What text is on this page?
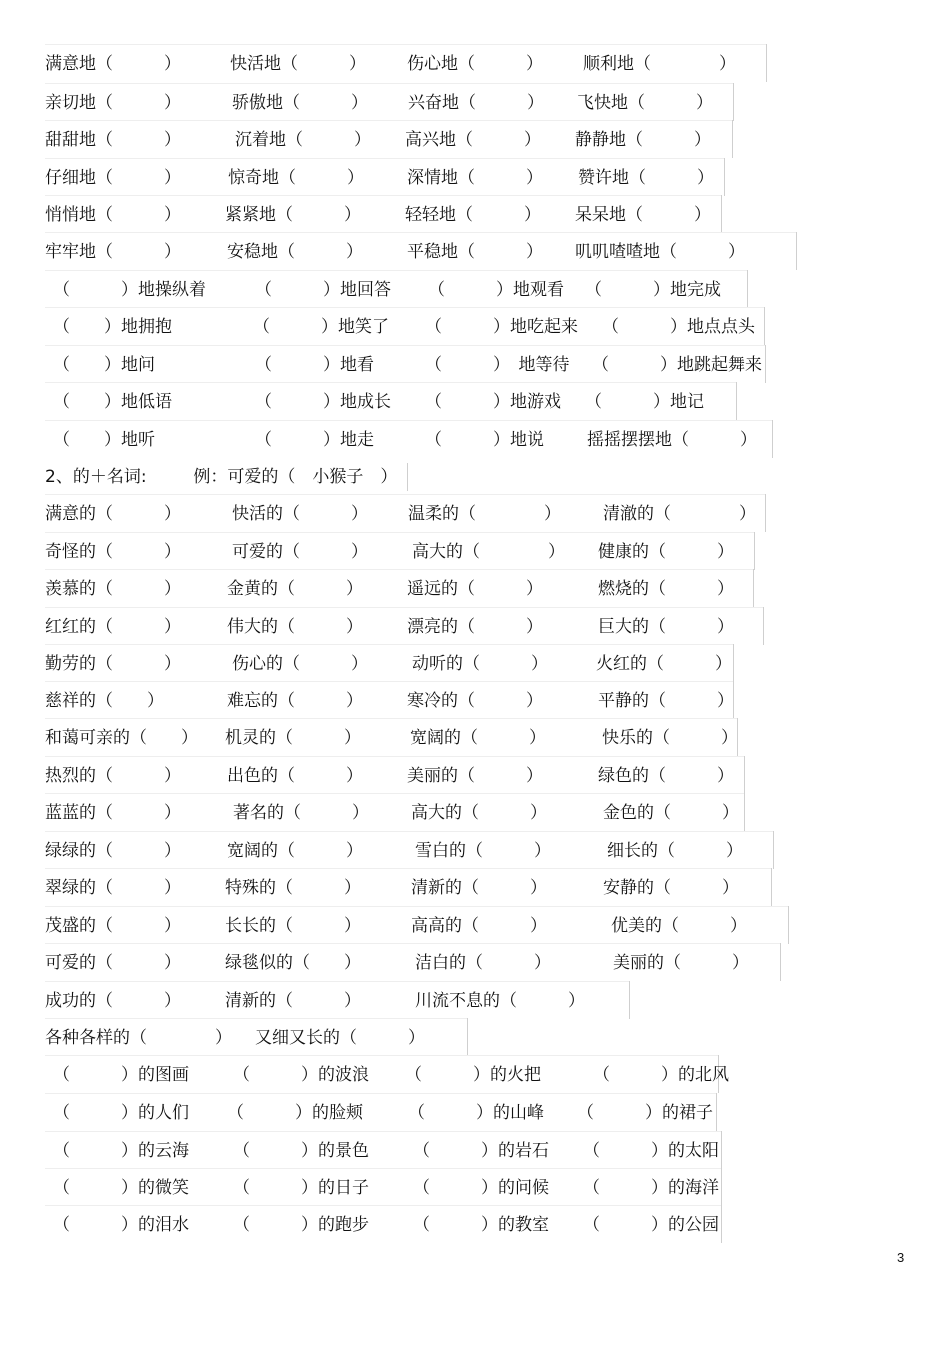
满意地（　　　）	快活地（　　　） 伤心地（　　　） 顺利地（　　　　）
亲切地（　　　）	骄傲地（　　　） 兴奋地（　　　） 飞快地（　　　）
甜甜地（　　　）	沉着地（　　　） 高兴地（　　　） 静静地（　　　）
仔细地（　　　）	惊奇地（　　　）	深情地（　　　） 赞许地（　　　）
悄悄地（　　　）	紧紧地（　　　）	轻轻地（　　　） 呆呆地（　　　）
牢牢地（　　　）	安稳地（　　　）	平稳地（　　　） 叽叽喳喳地（　　　）
（　　　）地操纵着	（　　　）地回答 （　　　）地观看 （　　　）地完成
（　　）地拥抱	（　　　）地笑了 （　　　）地吃起来 （　　　）地点点头
（　　）地问	（　　　）地看	（　　　）　地等待 （　　　）地跳起舞来
（　　）地低语	（　　　）地成长 （　　　）地游戏 （　　　）地记
（　　）地听	（　　　）地走	（　　　）地说	摇摇摆摆地（　　　）
2、的＋名词:	例：可爱的（　小猴子　）
满意的（　　　）	快活的（　　　） 温柔的（　　　　） 清澈的（　　　　）
奇怪的（　　　）	可爱的（　　　）	高大的（　　　　） 健康的（　　　）
羡慕的（　　　）	金黄的（　　　）	遥远的（　　　）	燃烧的（　　　）
红红的（　　　）	伟大的（　　　）	漂亮的（　　　）	巨大的（　　　）
勤劳的（　　　）	伤心的（　　　）	动听的（　　　）	火红的（　　　）
慈祥的（　　）	难忘的（　　　）	寒冷的（　　　）	平静的（　　　）
和蔼可亲的（　　） 机灵的（　　　）	宽阔的（　　　）	快乐的（　　　）
热烈的（　　　）	出色的（　　　）	美丽的（　　　）	绿色的（　　　）
蓝蓝的（　　　）	著名的（　　　） 高大的（　　　）	金色的（　　　）
绿绿的（　　　）	宽阔的（　　　）	雪白的（　　　）	细长的（　　　）
翠绿的（　　　）	特殊的（　　　）	清新的（　　　）	安静的（　　　）
茂盛的（　　　）	长长的（　　　）	高高的（　　　）	优美的（　　　）
可爱的（　　　）	绿毯似的（　　）	洁白的（　　　）	美丽的（　　　）
成功的（　　　）	清新的（　　　）	川流不息的（　　　）
各种各样的（　　　　） 又细又长的（　　　）
（　　　）的图画	（　　　）的波浪 （　　　）的火把	（　　　）的北风
（　　　）的人们 （　　　）的脸颊	（　　　）的山峰 （　　　）的裙子
（　　　）的云海	（　　　）的景色	（　　　）的岩石 （　　　）的太阳
（　　　）的微笑	（　　　）的日子	（　　　）的问候 （　　　）的海洋
（　　　）的泪水	（　　　）的跑步	（　　　）的教室 （　　　）的公园
3
